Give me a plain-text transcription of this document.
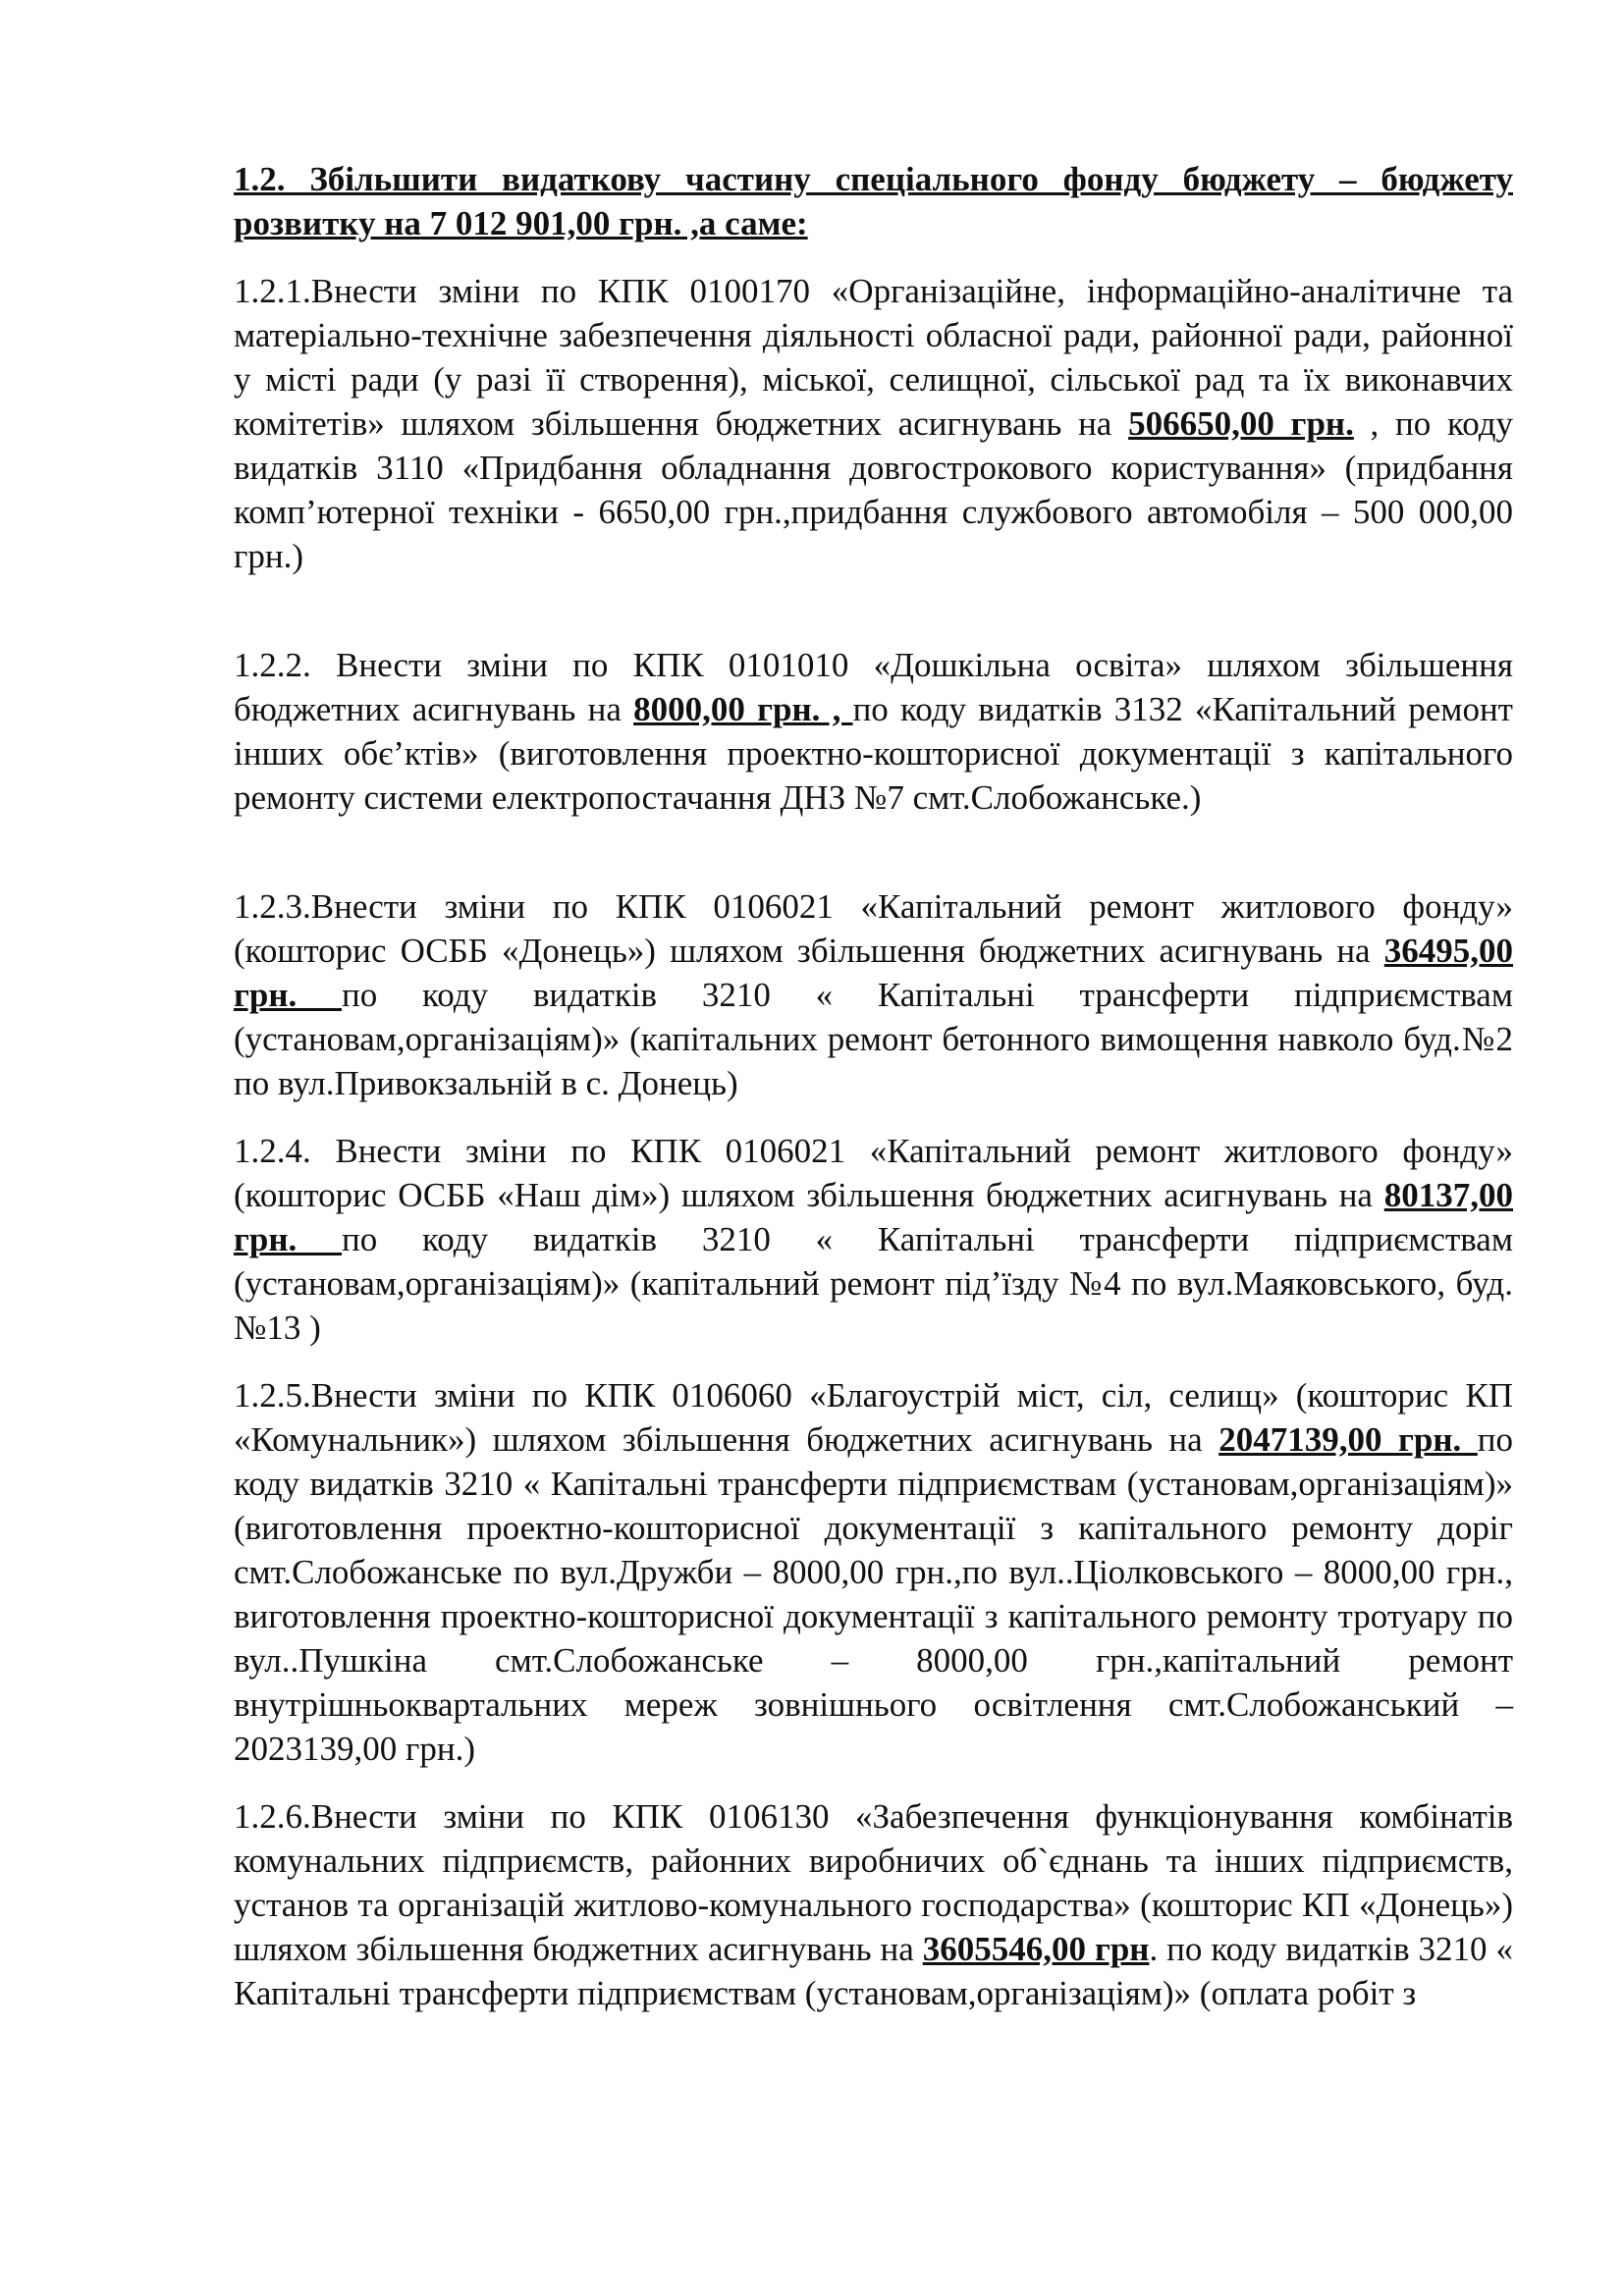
1.2. Збільшити видаткову частину спеціального фонду бюджету – бюджету розвитку на 7 012 901,00 грн. ,а саме:

1.2.1.Внести зміни по КПК 0100170 «Організаційне, інформаційно-аналітичне та матеріально-технічне забезпечення діяльності обласної ради, районної ради, районної у місті ради (у разі її створення), міської, селищної, сільської рад та їх виконавчих комітетів» шляхом збільшення бюджетних асигнувань на 506650,00 грн. , по коду видатків 3110 «Придбання обладнання довгострокового користування» (придбання комп’ютерної техніки - 6650,00 грн.,придбання службового автомобіля – 500 000,00 грн.)

1.2.2. Внести зміни по КПК 0101010 «Дошкільна освіта» шляхом збільшення бюджетних асигнувань на 8000,00 грн. , по коду видатків 3132 «Капітальний ремонт інших обє’ктів» (виготовлення проектно-кошторисної документації з капітального ремонту системи електропостачання ДНЗ №7 смт.Слобожанське.)

1.2.3.Внести зміни по КПК 0106021 «Капітальний ремонт житлового фонду» (кошторис ОСББ «Донець») шляхом збільшення бюджетних асигнувань на 36495,00 грн. по коду видатків 3210 « Капітальні трансферти підприємствам (установам,організаціям)» (капітальних ремонт бетонного вимощення навколо буд.№2 по вул.Привокзальній в с. Донець)

1.2.4. Внести зміни по КПК 0106021 «Капітальний ремонт житлового фонду» (кошторис ОСББ «Наш дім») шляхом збільшення бюджетних асигнувань на 80137,00 грн. по коду видатків 3210 « Капітальні трансферти підприємствам (установам,організаціям)» (капітальний ремонт під’їзду №4 по вул.Маяковського, буд.№13 )

1.2.5.Внести зміни по КПК 0106060 «Благоустрій міст, сіл, селищ» (кошторис КП «Комунальник») шляхом збільшення бюджетних асигнувань на 2047139,00 грн. по коду видатків 3210 « Капітальні трансферти підприємствам (установам,організаціям)» (виготовлення проектно-кошторисної документації з капітального ремонту доріг смт.Слобожанське по вул.Дружби – 8000,00 грн.,по вул..Ціолковського – 8000,00 грн., виготовлення проектно-кошторисної документації з капітального ремонту тротуару по вул..Пушкіна смт.Слобожанське – 8000,00 грн.,капітальний ремонт внутрішньоквартальних мереж зовнішнього освітлення смт.Слобожанський – 2023139,00 грн.)

1.2.6.Внести зміни по КПК 0106130 «Забезпечення функціонування комбінатів комунальних підприємств, районних виробничих об`єднань та інших підприємств, установ та організацій житлово-комунального господарства» (кошторис КП «Донець») шляхом збільшення бюджетних асигнувань на 3605546,00 грн. по коду видатків 3210 « Капітальні трансферти підприємствам (установам,організаціям)» (оплата робіт з
